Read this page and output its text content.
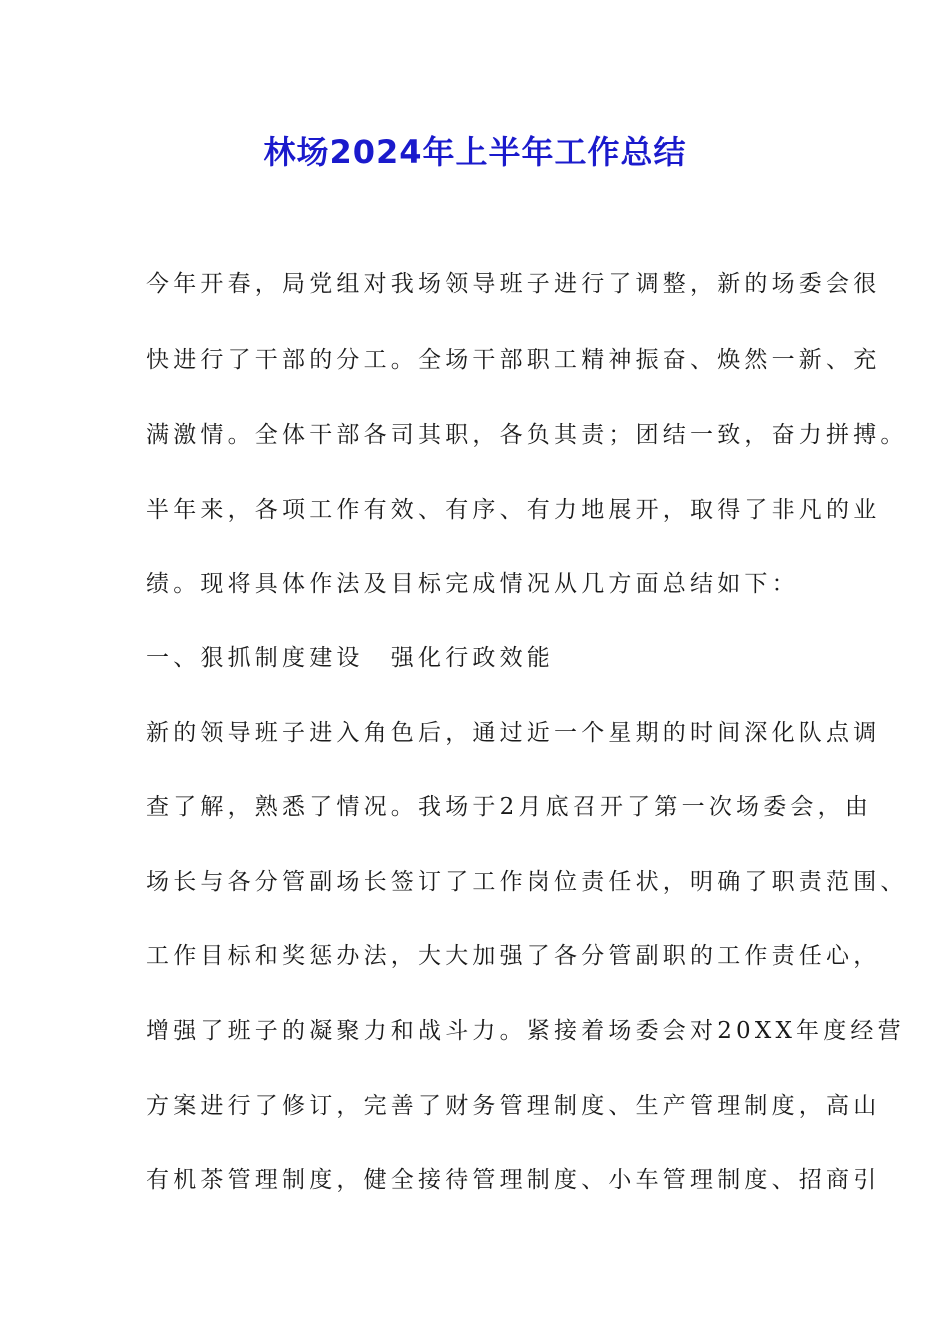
林场2024年上半年工作总结

今年开春，局党组对我场领导班子进行了调整，新的场委会很

快进行了干部的分工。全场干部职工精神振奋、焕然一新、充

满激情。全体干部各司其职，各负其责；团结一致，奋力拼搏。

半年来，各项工作有效、有序、有力地展开，取得了非凡的业

绩。现将具体作法及目标完成情况从几方面总结如下：

一、狠抓制度建设　强化行政效能

新的领导班子进入角色后，通过近一个星期的时间深化队点调

查了解，熟悉了情况。我场于2月底召开了第一次场委会，由

场长与各分管副场长签订了工作岗位责任状，明确了职责范围、

工作目标和奖惩办法，大大加强了各分管副职的工作责任心，

增强了班子的凝聚力和战斗力。紧接着场委会对20XX年度经营

方案进行了修订，完善了财务管理制度、生产管理制度，高山

有机茶管理制度，健全接待管理制度、小车管理制度、招商引
